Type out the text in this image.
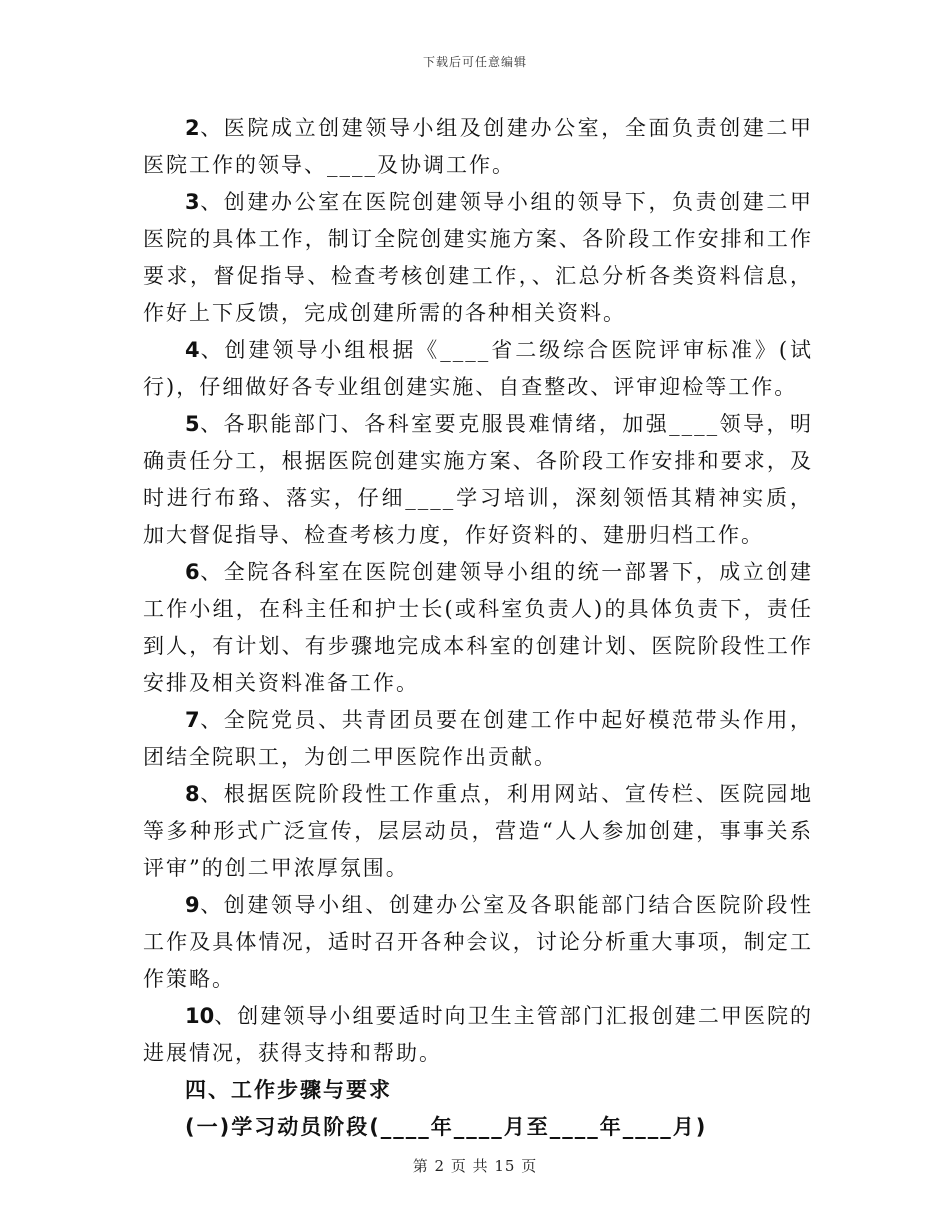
下载后可任意编辑

2、医院成立创建领导小组及创建办公室，全面负责创建二甲医院工作的领导、____及协调工作。

3、创建办公室在医院创建领导小组的领导下，负责创建二甲医院的具体工作，制订全院创建实施方案、各阶段工作安排和工作要求，督促指导、检查考核创建工作，、汇总分析各类资料信息，作好上下反馈，完成创建所需的各种相关资料。

4、创建领导小组根据《____省二级综合医院评审标准》(试行)，仔细做好各专业组创建实施、自查整改、评审迎检等工作。

5、各职能部门、各科室要克服畏难情绪，加强____领导，明确责任分工，根据医院创建实施方案、各阶段工作安排和要求，及时进行布臵、落实，仔细____学习培训，深刻领悟其精神实质，加大督促指导、检查考核力度，作好资料的、建册归档工作。

6、全院各科室在医院创建领导小组的统一部署下，成立创建工作小组，在科主任和护士长(或科室负责人)的具体负责下，责任到人，有计划、有步骤地完成本科室的创建计划、医院阶段性工作安排及相关资料准备工作。

7、全院党员、共青团员要在创建工作中起好模范带头作用，团结全院职工，为创二甲医院作出贡献。

8、根据医院阶段性工作重点，利用网站、宣传栏、医院园地等多种形式广泛宣传，层层动员，营造“人人参加创建，事事关系评审”的创二甲浓厚氛围。

9、创建领导小组、创建办公室及各职能部门结合医院阶段性工作及具体情况，适时召开各种会议，讨论分析重大事项，制定工作策略。

10、创建领导小组要适时向卫生主管部门汇报创建二甲医院的进展情况，获得支持和帮助。

四、工作步骤与要求

(一)学习动员阶段(____年____月至____年____月)

第 2 页 共 15 页
